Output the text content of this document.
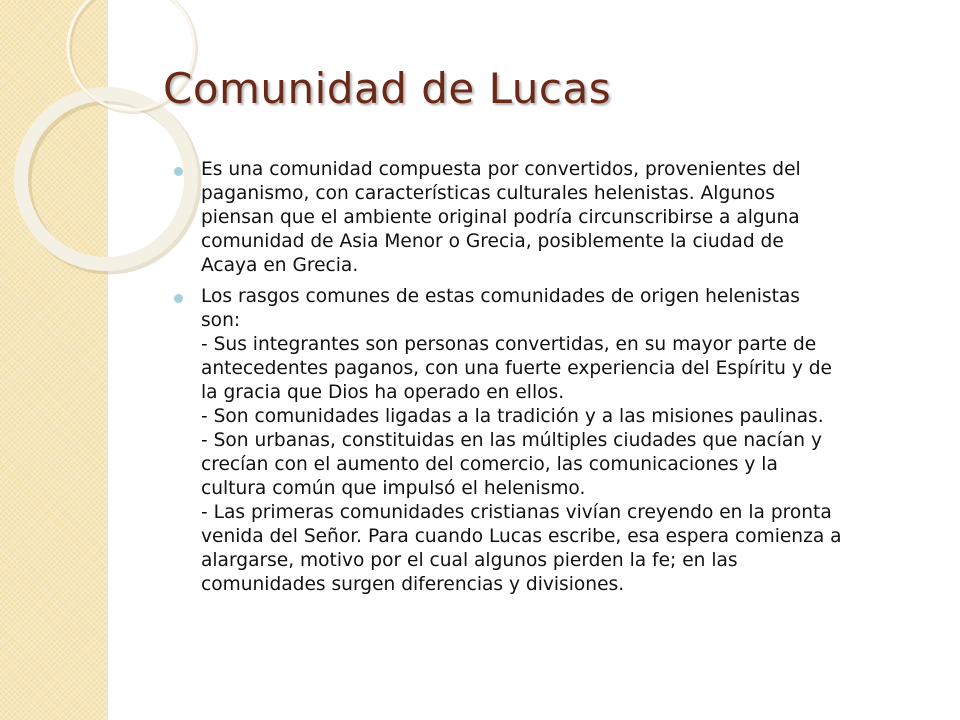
Comunidad de Lucas
Es una comunidad compuesta por convertidos, provenientes del
paganismo, con características culturales helenistas. Algunos
piensan que el ambiente original podría circunscribirse a alguna
comunidad de Asia Menor o Grecia, posiblemente la ciudad de
Acaya en Grecia.
Los rasgos comunes de estas comunidades de origen helenistas
son:
- Sus integrantes son personas convertidas, en su mayor parte de
antecedentes paganos, con una fuerte experiencia del Espíritu y de
la gracia que Dios ha operado en ellos.
- Son comunidades ligadas a la tradición y a las misiones paulinas.
- Son urbanas, constituidas en las múltiples ciudades que nacían y
crecían con el aumento del comercio, las comunicaciones y la
cultura común que impulsó el helenismo.
- Las primeras comunidades cristianas vivían creyendo en la pronta
venida del Señor. Para cuando Lucas escribe, esa espera comienza a
alargarse, motivo por el cual algunos pierden la fe; en las
comunidades surgen diferencias y divisiones.
